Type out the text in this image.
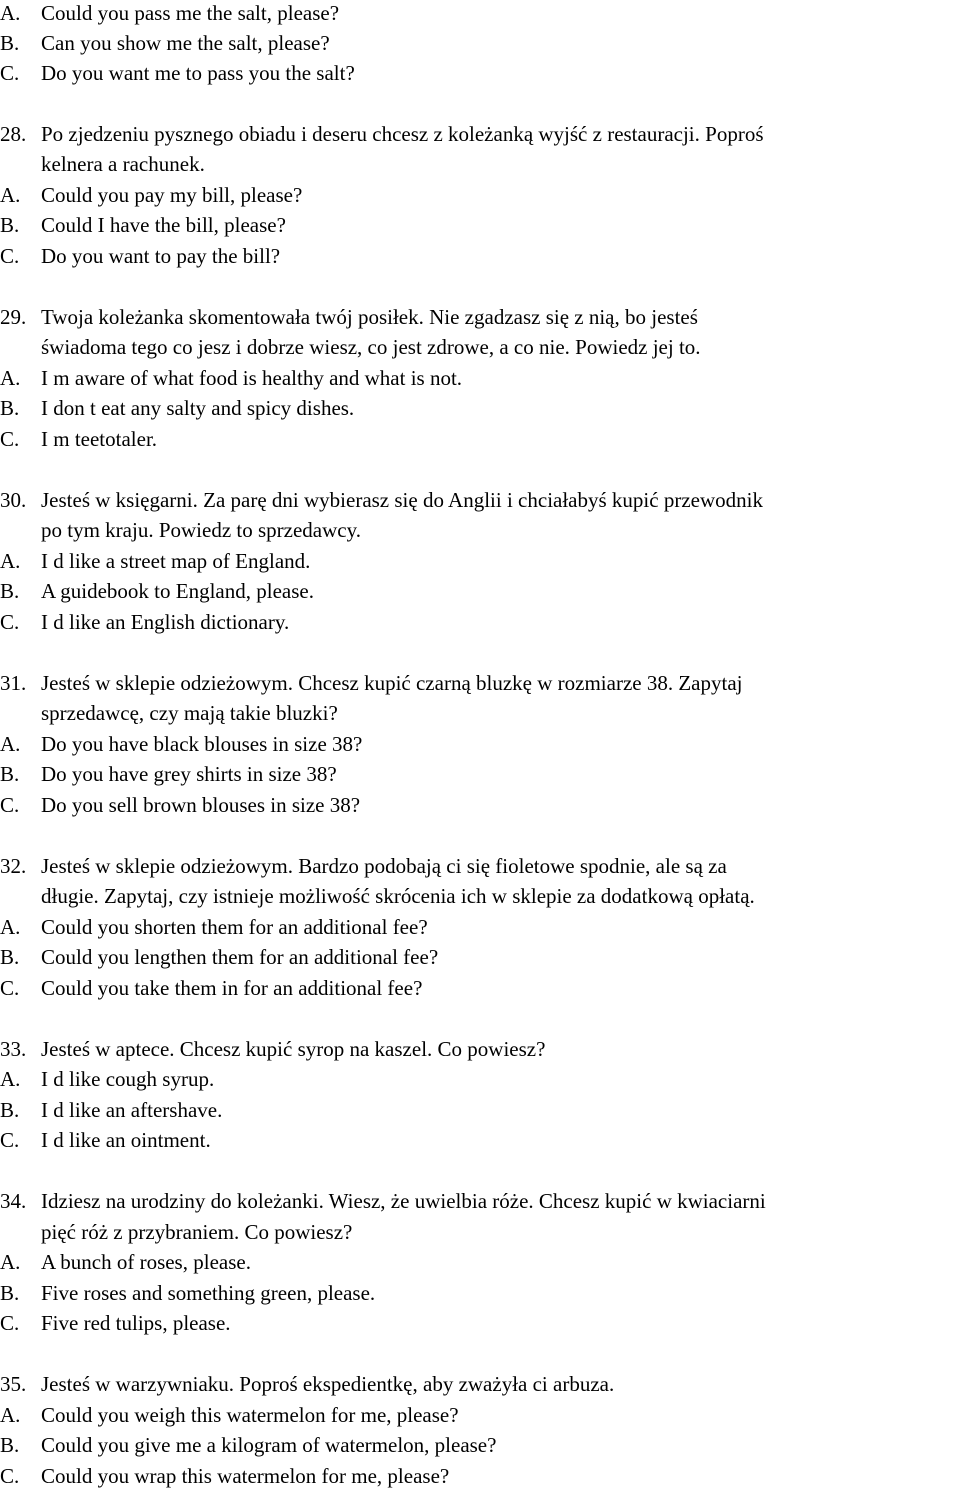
A. Could you pass me the salt, please?
B. Can you show me the salt, please?
C. Do you want me to pass you the salt?
28. Po zjedzeniu pysznego obiadu i deseru chcesz z koleżanką wyjść z restauracji. Poproś
kelnera a rachunek.
A. Could you pay my bill, please?
B. Could I have the bill, please?
C. Do you want to pay the bill?
29. Twoja koleżanka skomentowała twój posiłek. Nie zgadzasz się z nią, bo jesteś
świadoma tego co jesz i dobrze wiesz, co jest zdrowe, a co nie. Powiedz jej to.
A. I m aware of what food is healthy and what is not.
B. I don t eat any salty and spicy dishes.
C. I m teetotaler.
30. Jesteś w księgarni. Za parę dni wybierasz się do Anglii i chciałabyś kupić przewodnik
po tym kraju. Powiedz to sprzedawcy.
A. I d like a street map of England.
B. A guidebook to England, please.
C. I d like an English dictionary.
31. Jesteś w sklepie odzieżowym. Chcesz kupić czarną bluzkę w rozmiarze 38. Zapytaj
sprzedawcę, czy mają takie bluzki?
A. Do you have black blouses in size 38?
B. Do you have grey shirts in size 38?
C. Do you sell brown blouses in size 38?
32. Jesteś w sklepie odzieżowym. Bardzo podobają ci się fioletowe spodnie, ale są za
długie. Zapytaj, czy istnieje możliwość skrócenia ich w sklepie za dodatkową opłatą.
A. Could you shorten them for an additional fee?
B. Could you lengthen them for an additional fee?
C. Could you take them in for an additional fee?
33. Jesteś w aptece. Chcesz kupić syrop na kaszel. Co powiesz?
A. I d like cough syrup.
B. I d like an aftershave.
C. I d like an ointment.
34. Idziesz na urodziny do koleżanki. Wiesz, że uwielbia róże. Chcesz kupić w kwiaciarni
pięć róż z przybraniem. Co powiesz?
A. A bunch of roses, please.
B. Five roses and something green, please.
C. Five red tulips, please.
35. Jesteś w warzywniaku. Poproś ekspedientkę, aby zważyła ci arbuza.
A. Could you weigh this watermelon for me, please?
B. Could you give me a kilogram of watermelon, please?
C. Could you wrap this watermelon for me, please?
